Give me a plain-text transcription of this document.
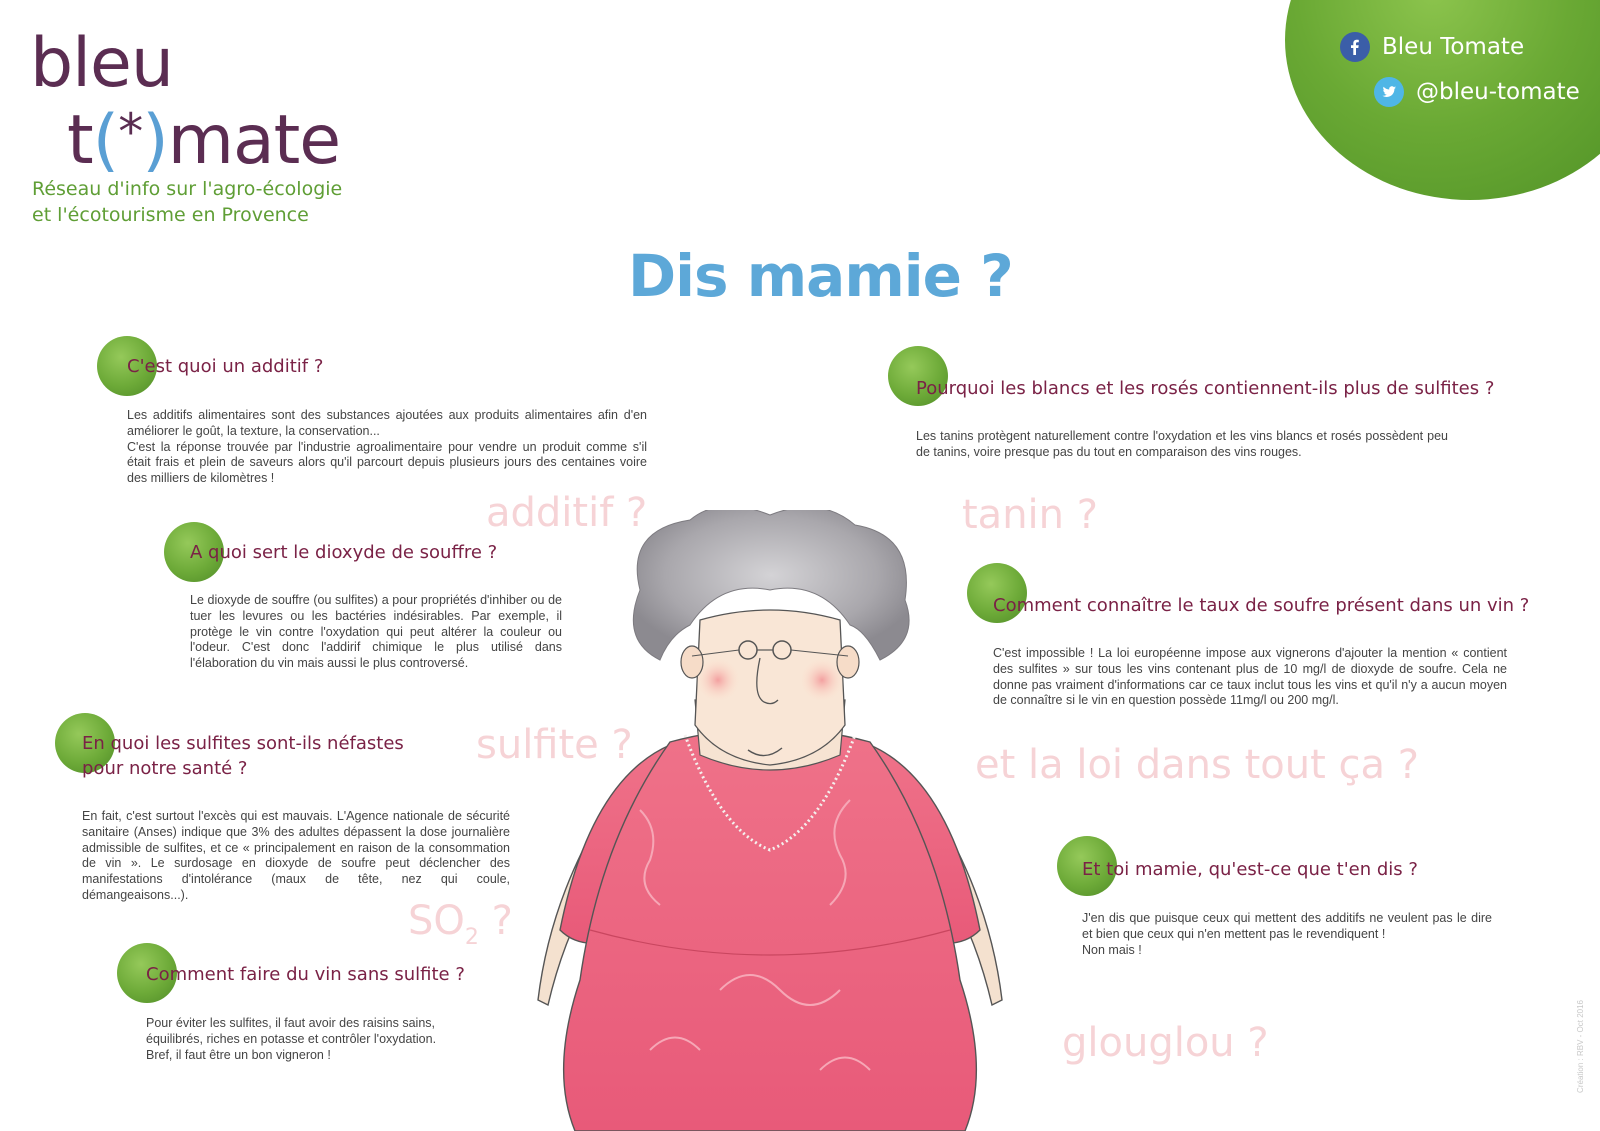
bleu
t(*)mate
Réseau d'info sur l'agro-écologie
et l'écotourisme en Provence
Bleu Tomate
@bleu-tomate
Dis mamie ?
additif ?	tanin ?
sulfite ?	et la loi dans tout ça ?
$SO_2$ ?
glouglou ?
C'est quoi un additif ?
Les additifs alimentaires sont des substances ajoutées aux produits alimentaires afin d'en améliorer le goût, la texture, la conservation...
C'est la réponse trouvée par l'industrie agroalimentaire pour vendre un produit comme s'il était frais et plein de saveurs alors qu'il parcourt depuis plusieurs jours des centaines voire des milliers de kilomètres !
A quoi sert le dioxyde de souffre ?
Le dioxyde de souffre (ou sulfites) a pour propriétés d'inhiber ou de tuer les levures ou les bactéries indésirables. Par exemple, il protège le vin contre l'oxydation qui peut altérer la couleur ou l'odeur. C'est donc l'addirif chimique le plus utilisé dans l'élaboration du vin mais aussi le plus controversé.
En quoi les sulfites sont-ils néfastes
pour notre santé ?
En fait, c'est surtout l'excès qui est mauvais. L'Agence nationale de sécurité sanitaire (Anses) indique que 3% des adultes dépassent la dose journalière admissible de sulfites, et ce « principalement en raison de la consommation de vin ». Le surdosage en dioxyde de soufre peut déclencher des manifestations d'intolérance (maux de tête, nez qui coule, démangeaisons...).
Comment faire du vin sans sulfite ?
Pour éviter les sulfites, il faut avoir des raisins sains, équilibrés, riches en potasse et contrôler l'oxydation.
Bref, il faut être un bon vigneron !
Pourquoi les blancs et les rosés contiennent-ils plus de sulfites ?
Les tanins protègent naturellement contre l'oxydation et les vins blancs et rosés possèdent peu de tanins, voire presque pas du tout en comparaison des vins rouges.
Comment connaître le taux de soufre présent dans un vin ?
C'est impossible ! La loi européenne impose aux vignerons d'ajouter la mention « contient des sulfites » sur tous les vins contenant plus de 10 mg/l de dioxyde de soufre. Cela ne donne pas vraiment d'informations car ce taux inclut tous les vins et qu'il n'y a aucun moyen de connaître si le vin en question possède 11mg/l ou 200 mg/l.
Et toi mamie, qu'est-ce que t'en dis ?
J'en dis que puisque ceux qui mettent des additifs ne veulent pas le dire et bien que ceux qui n'en mettent pas le revendiquent !
Non mais !
Création : RBV - Oct 2016
